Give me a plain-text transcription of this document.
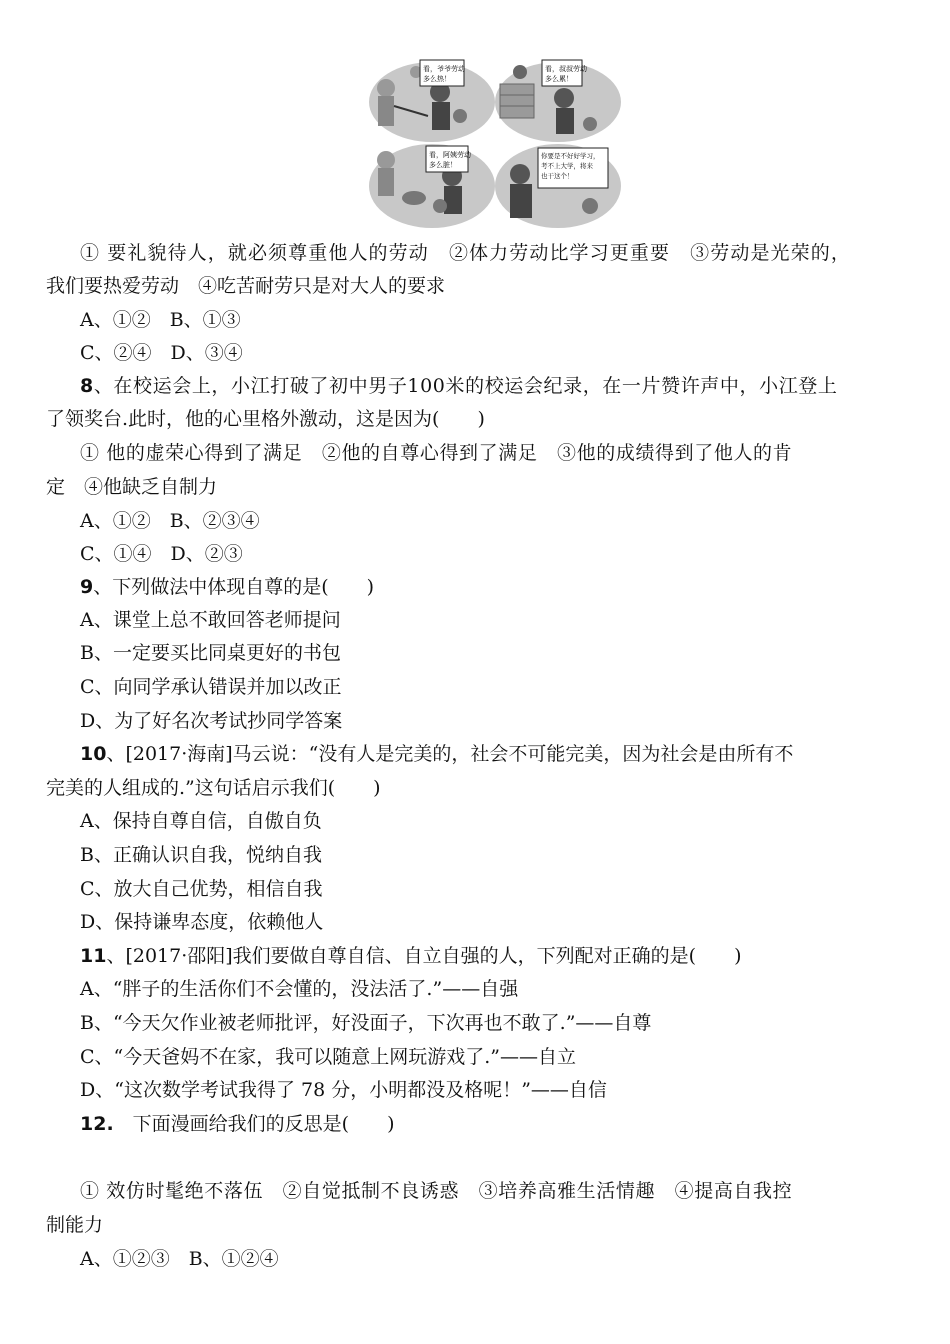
看，爷爷劳动
多么热！
看，叔叔劳动
多么累！
看，阿姨劳动
多么脏！
你要是不好好学习，
考不上大学，将来
也干这个！
① 要礼貌待人，就必须尊重他人的劳动　②体力劳动比学习更重要　③劳动是光荣的，
我们要热爱劳动　④吃苦耐劳只是对大人的要求
A、①②　B、①③
C、②④　D、③④
8、在校运会上，小江打破了初中男子100米的校运会纪录，在一片赞许声中，小江登上
了领奖台.此时，他的心里格外激动，这是因为(　　)
① 他的虚荣心得到了满足　②他的自尊心得到了满足　③他的成绩得到了他人的肯
定　④他缺乏自制力
A、①②　B、②③④
C、①④　D、②③
9、下列做法中体现自尊的是(　　)
A、课堂上总不敢回答老师提问
B、一定要买比同桌更好的书包
C、向同学承认错误并加以改正
D、为了好名次考试抄同学答案
10、[2017·海南]马云说：“没有人是完美的，社会不可能完美，因为社会是由所有不
完美的人组成的.”这句话启示我们(　　)
A、保持自尊自信，自傲自负
B、正确认识自我，悦纳自我
C、放大自己优势，相信自我
D、保持谦卑态度，依赖他人
11、[2017·邵阳]我们要做自尊自信、自立自强的人，下列配对正确的是(　　)
A、“胖子的生活你们不会懂的，没法活了.”——自强
B、“今天欠作业被老师批评，好没面子，下次再也不敢了.”——自尊
C、“今天爸妈不在家，我可以随意上网玩游戏了.”——自立
D、“这次数学考试我得了 78 分，小明都没及格呢！”——自信
12.　下面漫画给我们的反思是(　　)
① 效仿时髦绝不落伍　②自觉抵制不良诱惑　③培养高雅生活情趣　④提高自我控
制能力
A、①②③　B、①②④
